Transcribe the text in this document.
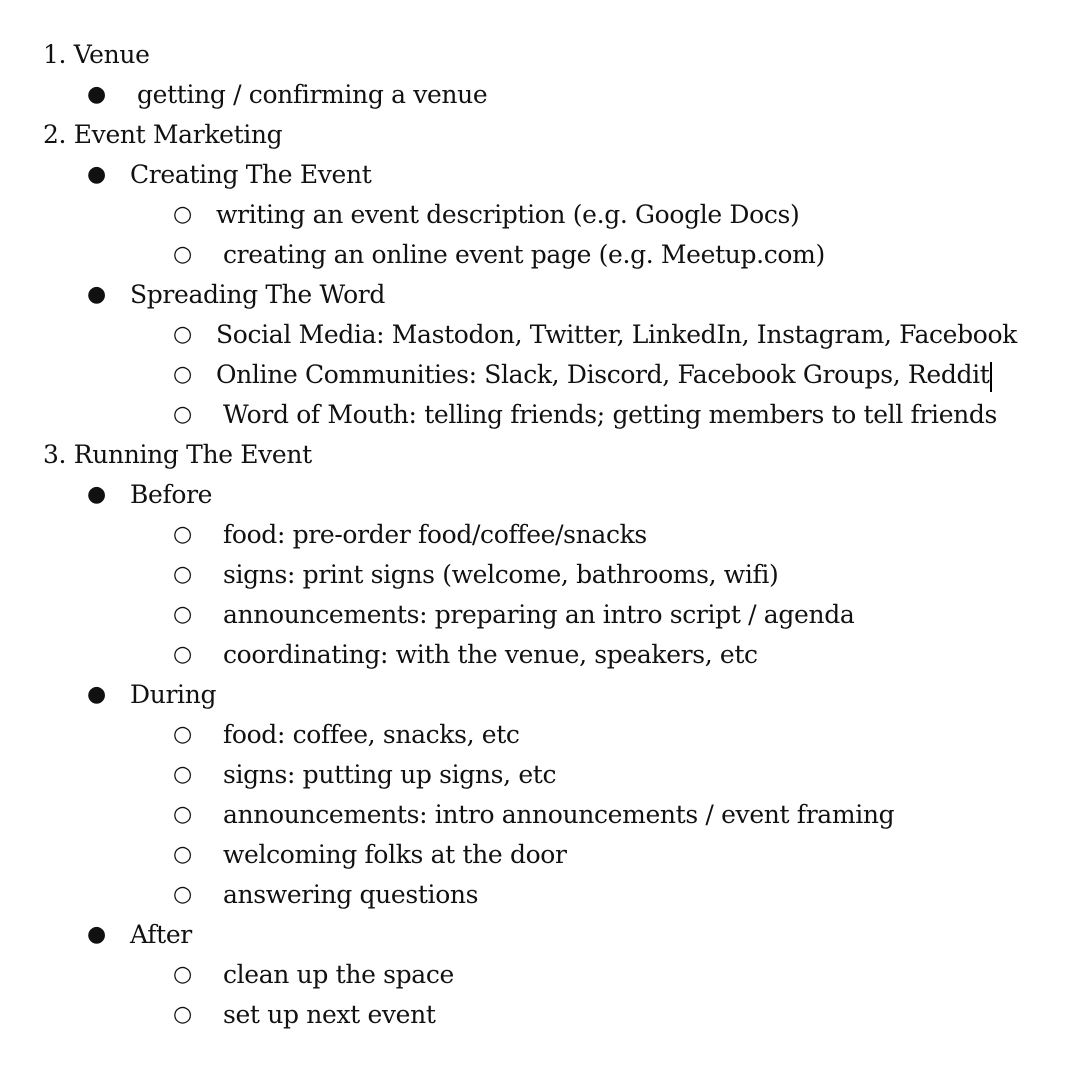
1. Venue
● getting / confirming a venue
2. Event Marketing
● Creating The Event
○ writing an event description (e.g. Google Docs)
○ creating an online event page (e.g. Meetup.com)
● Spreading The Word
○ Social Media: Mastodon, Twitter, LinkedIn, Instagram, Facebook
○ Online Communities: Slack, Discord, Facebook Groups, Reddit
○ Word of Mouth: telling friends; getting members to tell friends
3. Running The Event
● Before
○ food: pre-order food/coffee/snacks
○ signs: print signs (welcome, bathrooms, wifi)
○ announcements: preparing an intro script / agenda
○ coordinating: with the venue, speakers, etc
● During
○ food: coffee, snacks, etc
○ signs: putting up signs, etc
○ announcements: intro announcements / event framing
○ welcoming folks at the door
○ answering questions
● After
○ clean up the space
○ set up next event
